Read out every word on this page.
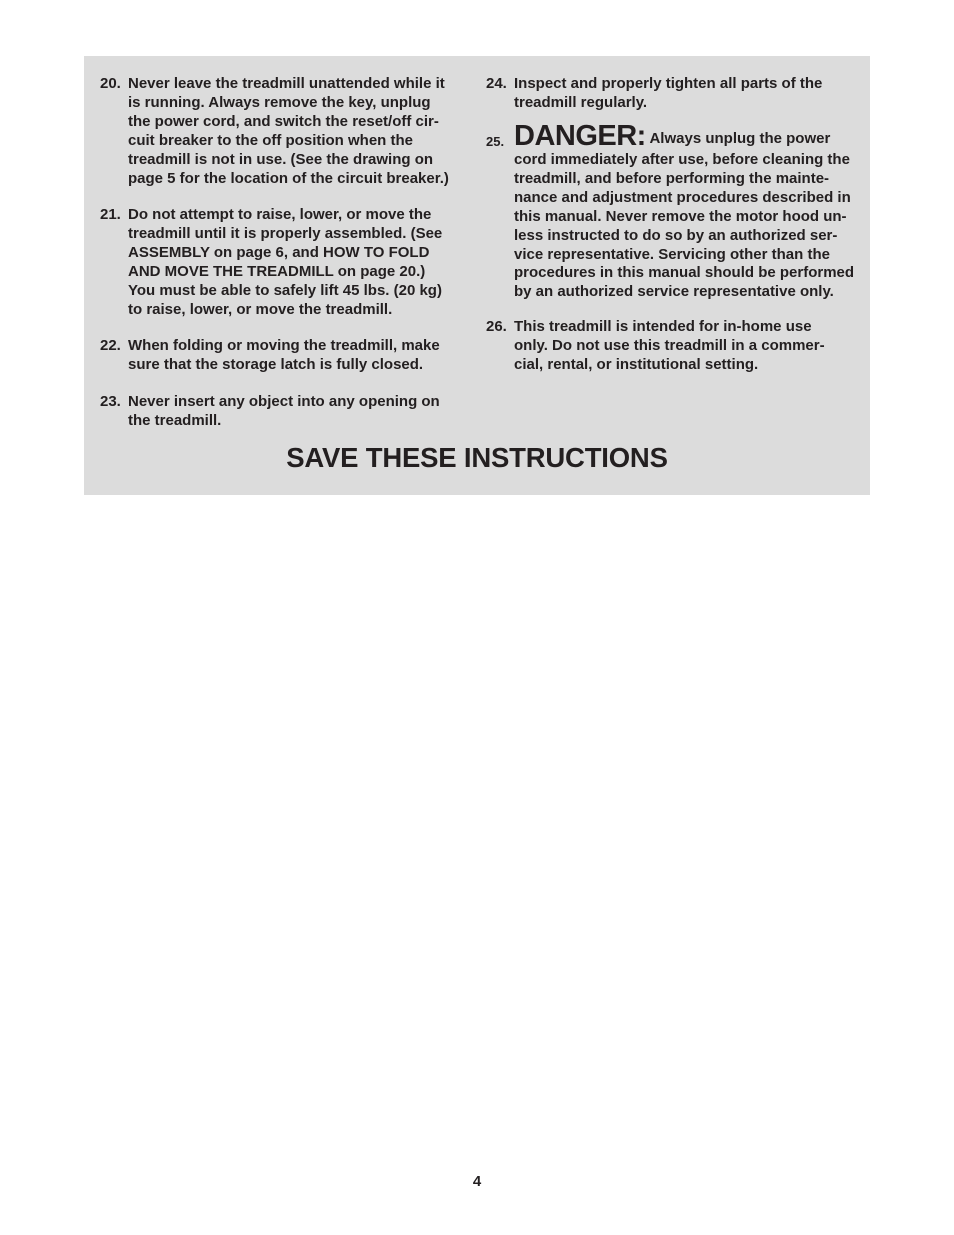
20. Never leave the treadmill unattended while it
is running. Always remove the key, unplug
the power cord, and switch the reset/off cir-
cuit breaker to the off position when the
treadmill is not in use. (See the drawing on
page 5 for the location of the circuit breaker.)
21. Do not attempt to raise, lower, or move the
treadmill until it is properly assembled. (See
ASSEMBLY on page 6, and HOW TO FOLD
AND MOVE THE TREADMILL on page 20.)
You must be able to safely lift 45 lbs. (20 kg)
to raise, lower, or move the treadmill.
22. When folding or moving the treadmill, make
sure that the storage latch is fully closed.
23. Never insert any object into any opening on
the treadmill.
24. Inspect and properly tighten all parts of the
treadmill regularly.
25. DANGER: Always unplug the power
cord immediately after use, before cleaning the
treadmill, and before performing the mainte-
nance and adjustment procedures described in
this manual. Never remove the motor hood un-
less instructed to do so by an authorized ser-
vice representative. Servicing other than the
procedures in this manual should be performed
by an authorized service representative only.
26. This treadmill is intended for in-home use
only. Do not use this treadmill in a commer-
cial, rental, or institutional setting.
SAVE THESE INSTRUCTIONS
4
